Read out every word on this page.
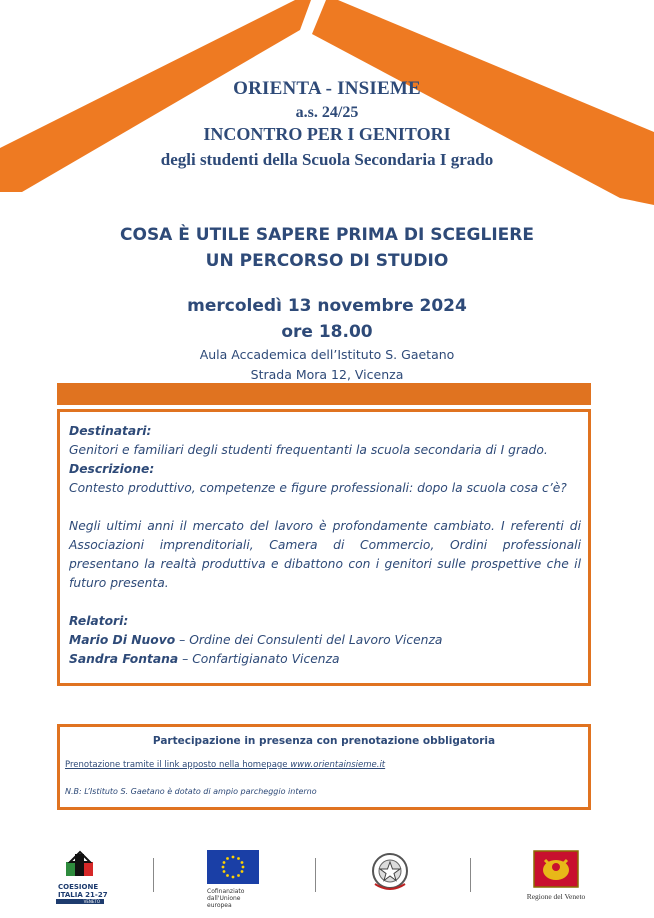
ORIENTA - INSIEME
a.s. 24/25
INCONTRO PER I GENITORI
degli studenti della Scuola Secondaria I grado
COSA È UTILE SAPERE PRIMA DI SCEGLIERE
UN PERCORSO DI STUDIO
mercoledì 13 novembre 2024
ore 18.00
Aula Accademica dell’Istituto S. Gaetano
Strada Mora 12, Vicenza
Destinatari:
Genitori e familiari degli studenti frequentanti la scuola secondaria di I grado.
Descrizione:
Contesto produttivo, competenze e figure professionali: dopo la scuola cosa c’è?
Negli ultimi anni il mercato del lavoro è profondamente cambiato. I referenti di Associazioni imprenditoriali, Camera di Commercio, Ordini professionali presentano la realtà produttiva e dibattono con i genitori sulle prospettive che il futuro presenta.
Relatori:
Mario Di Nuovo – Ordine dei Consulenti del Lavoro Vicenza
Sandra Fontana – Confartigianato Vicenza
Partecipazione in presenza con prenotazione obbligatoria
Prenotazione tramite il link apposto nella homepage www.orientainsieme.it
N.B: L’Istituto S. Gaetano è dotato di ampio parcheggio interno
COESIONE
ITALIA 21-27
VENETO
Cofinanziato
dall'Unione europea
Regione del Veneto
